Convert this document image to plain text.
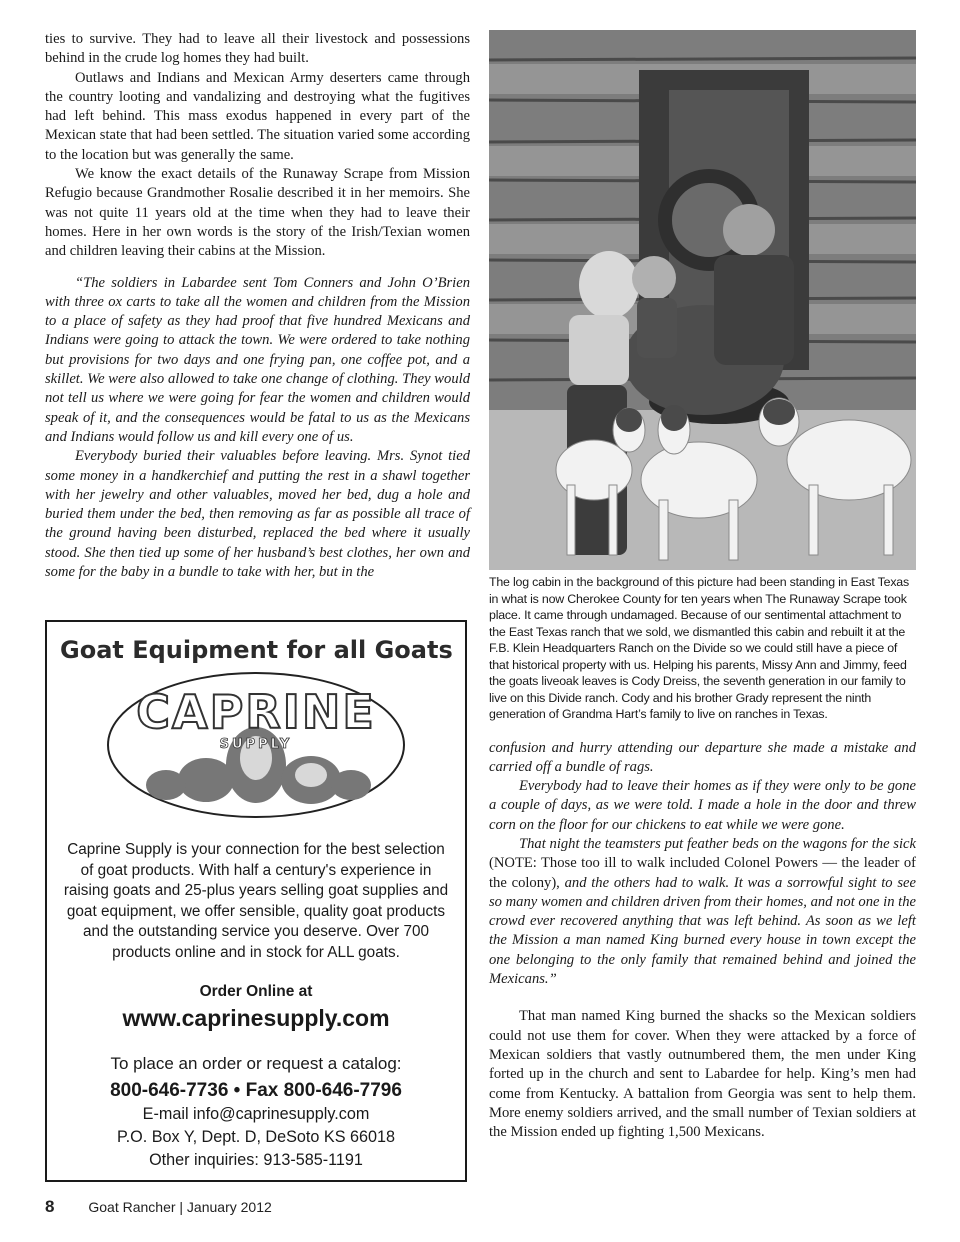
ties to survive. They had to leave all their livestock and possessions behind in the crude log homes they had built.

Outlaws and Indians and Mexican Army deserters came through the country looting and vandalizing and destroying what the fugitives had left behind. This mass exodus happened in every part of the Mexican state that had been settled. The situation varied some according to the location but was generally the same.

We know the exact details of the Runaway Scrape from Mission Refugio because Grandmother Rosalie described it in her memoirs. She was not quite 11 years old at the time when they had to leave their homes. Here in her own words is the story of the Irish/Texian women and children leaving their cabins at the Mission.

“The soldiers in Labardee sent Tom Conners and John O’Brien with three ox carts to take all the women and children from the Mission to a place of safety as they had proof that five hundred Mexicans and Indians were going to attack the town. We were ordered to take nothing but provisions for two days and one frying pan, one coffee pot, and a skillet. We were also allowed to take one change of clothing. They would not tell us where we were going for fear the women and children would speak of it, and the consequences would be fatal to us as the Mexicans and Indians would follow us and kill every one of us.

Everybody buried their valuables before leaving. Mrs. Synot tied some money in a handkerchief and putting the rest in a shawl together with her jewelry and other valuables, moved her bed, dug a hole and buried them under the bed, then removing as far as possible all trace of the ground having been disturbed, replaced the bed where it usually stood. She then tied up some of her husband’s best clothes, her own and some for the baby in a bundle to take with her, but in the

The log cabin in the background of this picture had been standing in East Texas in what is now Cherokee County for ten years when The Runaway Scrape took place. It came through undamaged. Because of our sentimental attachment to the East Texas ranch that we sold, we dismantled this cabin and rebuilt it at the F.B. Klein Headquarters Ranch on the Divide so we could still have a piece of that historical property with us. Helping his parents, Missy Ann and Jimmy, feed the goats liveoak leaves is Cody Dreiss, the seventh generation in our family to live on this Divide ranch. Cody and his brother Grady represent the ninth generation of Grandma Hart’s family to live on ranches in Texas.

confusion and hurry attending our departure she made a mistake and carried off a bundle of rags.

Everybody had to leave their homes as if they were only to be gone a couple of days, as we were told. I made a hole in the door and threw corn on the floor for our chickens to eat while we were gone.

That night the teamsters put feather beds on the wagons for the sick (NOTE: Those too ill to walk included Colonel Powers — the leader of the colony), and the others had to walk. It was a sorrowful sight to see so many women and children driven from their homes, and not one in the crowd ever recovered anything that was left behind. As soon as we left the Mission a man named King burned every house in town except the one belonging to the only family that remained behind and joined the Mexicans.”

That man named King burned the shacks so the Mexican soldiers could not use them for cover. When they were attacked by a force of Mexican soldiers that vastly outnumbered them, the men under King forted up in the church and sent to Labardee for help. King’s men had come from Kentucky. A battalion from Georgia was sent to help them. More enemy soldiers arrived, and the small number of Texian soldiers at the Mission ended up fighting 1,500 Mexicans.

Goat Equipment for all Goats
CAPRINE
SUPPLY
Caprine Supply is your connection for the best selection of goat products. With half a century's experience in raising goats and 25-plus years selling goat supplies and goat equipment, we offer sensible, quality goat products and the outstanding service you deserve. Over 700 products online and in stock for ALL goats.
Order Online at
www.caprinesupply.com
To place an order or request a catalog:
800-646-7736 • Fax 800-646-7796
E-mail info@caprinesupply.com
P.O. Box Y, Dept. D, DeSoto KS 66018
Other inquiries: 913-585-1191
8 Goat Rancher | January 2012
